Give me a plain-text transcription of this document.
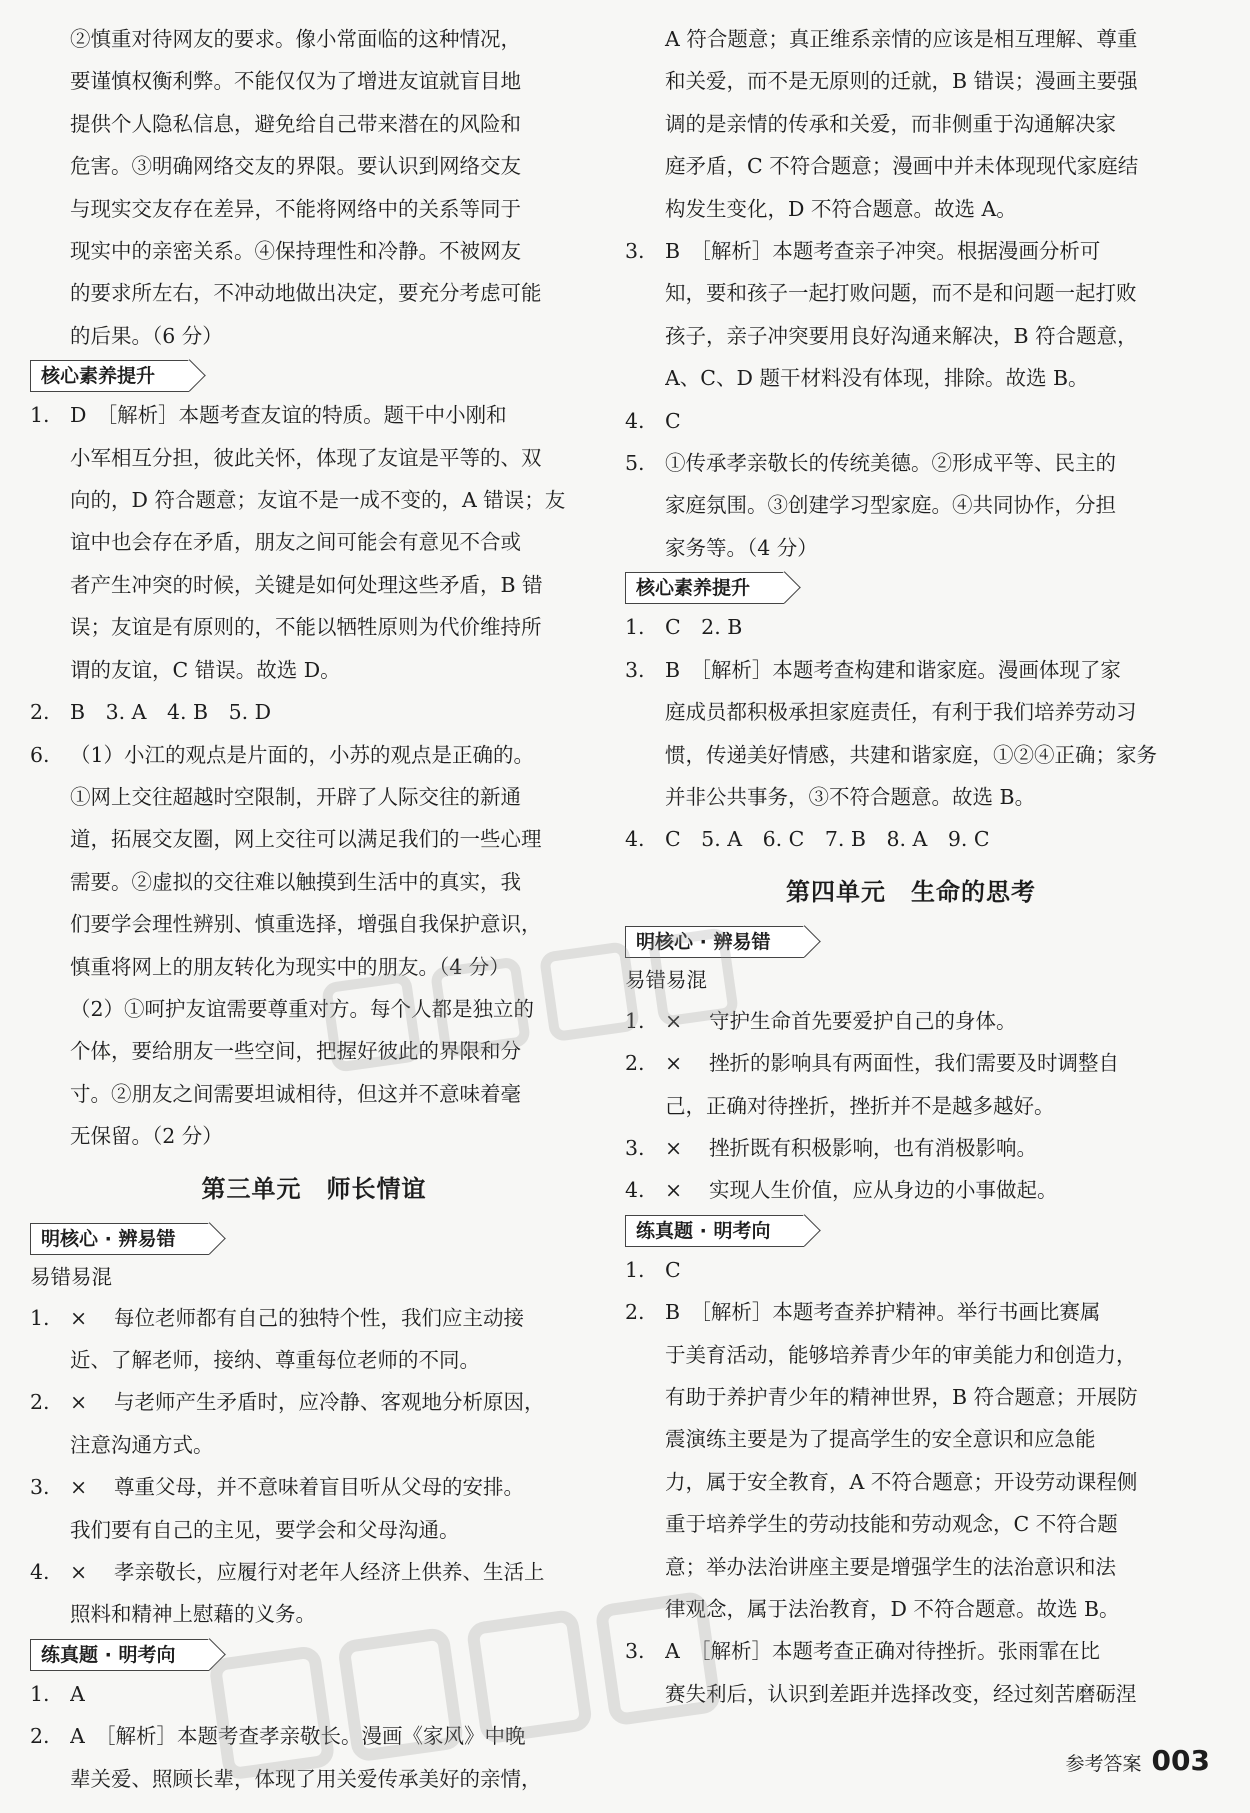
②慎重对待网友的要求。像小常面临的这种情况，

要谨慎权衡利弊。不能仅仅为了增进友谊就盲目地

提供个人隐私信息，避免给自己带来潜在的风险和

危害。③明确网络交友的界限。要认识到网络交友

与现实交友存在差异，不能将网络中的关系等同于

现实中的亲密关系。④保持理性和冷静。不被网友

的要求所左右，不冲动地做出决定，要充分考虑可能

的后果。（6 分）

核心素养提升
1. D　［解析］本题考查友谊的特质。题干中小刚和

小军相互分担，彼此关怀，体现了友谊是平等的、双

向的，D 符合题意；友谊不是一成不变的，A 错误；友

谊中也会存在矛盾，朋友之间可能会有意见不合或

者产生冲突的时候，关键是如何处理这些矛盾，B 错

误；友谊是有原则的，不能以牺牲原则为代价维持所

谓的友谊，C 错误。故选 D。

2. B　3. A　4. B　5. D

6. （1）小江的观点是片面的，小苏的观点是正确的。

①网上交往超越时空限制，开辟了人际交往的新通

道，拓展交友圈，网上交往可以满足我们的一些心理

需要。②虚拟的交往难以触摸到生活中的真实，我

们要学会理性辨别、慎重选择，增强自我保护意识，

慎重将网上的朋友转化为现实中的朋友。（4 分）

（2）①呵护友谊需要尊重对方。每个人都是独立的

个体，要给朋友一些空间，把握好彼此的界限和分

寸。②朋友之间需要坦诚相待，但这并不意味着毫

无保留。（2 分）

第三单元　师长情谊
明核心 · 辨易错

易错易混

1. × 每位老师都有自己的独特个性，我们应主动接

近、了解老师，接纳、尊重每位老师的不同。

2. × 与老师产生矛盾时，应冷静、客观地分析原因，

注意沟通方式。

3. × 尊重父母，并不意味着盲目听从父母的安排。

我们要有自己的主见，要学会和父母沟通。

4. × 孝亲敬长，应履行对老年人经济上供养、生活上

照料和精神上慰藉的义务。

练真题 · 明考向
1. A

2. A　［解析］本题考查孝亲敬长。漫画《家风》中晚

辈关爱、照顾长辈，体现了用关爱传承美好的亲情，

A 符合题意；真正维系亲情的应该是相互理解、尊重

和关爱，而不是无原则的迁就，B 错误；漫画主要强

调的是亲情的传承和关爱，而非侧重于沟通解决家

庭矛盾，C 不符合题意；漫画中并未体现现代家庭结

构发生变化，D 不符合题意。故选 A。

3. B　［解析］本题考查亲子冲突。根据漫画分析可

知，要和孩子一起打败问题，而不是和问题一起打败

孩子，亲子冲突要用良好沟通来解决，B 符合题意，

A、C、D 题干材料没有体现，排除。故选 B。

4. C

5. ①传承孝亲敬长的传统美德。②形成平等、民主的

家庭氛围。③创建学习型家庭。④共同协作，分担

家务等。（4 分）

核心素养提升
1. C　2. B

3. B　［解析］本题考查构建和谐家庭。漫画体现了家

庭成员都积极承担家庭责任，有利于我们培养劳动习

惯，传递美好情感，共建和谐家庭，①②④正确；家务

并非公共事务，③不符合题意。故选 B。

4. C　5. A　6. C　7. B　8. A　9. C

第四单元　生命的思考
明核心 · 辨易错

易错易混

1. × 守护生命首先要爱护自己的身体。

2. × 挫折的影响具有两面性，我们需要及时调整自

己，正确对待挫折，挫折并不是越多越好。

3. × 挫折既有积极影响，也有消极影响。

4. × 实现人生价值，应从身边的小事做起。

练真题 · 明考向
1. C

2. B　［解析］本题考查养护精神。举行书画比赛属

于美育活动，能够培养青少年的审美能力和创造力，

有助于养护青少年的精神世界，B 符合题意；开展防

震演练主要是为了提高学生的安全意识和应急能

力，属于安全教育，A 不符合题意；开设劳动课程侧

重于培养学生的劳动技能和劳动观念，C 不符合题

意；举办法治讲座主要是增强学生的法治意识和法

律观念，属于法治教育，D 不符合题意。故选 B。

3. A　［解析］本题考查正确对待挫折。张雨霏在比

赛失利后，认识到差距并选择改变，经过刻苦磨砺涅

参考答案 003
